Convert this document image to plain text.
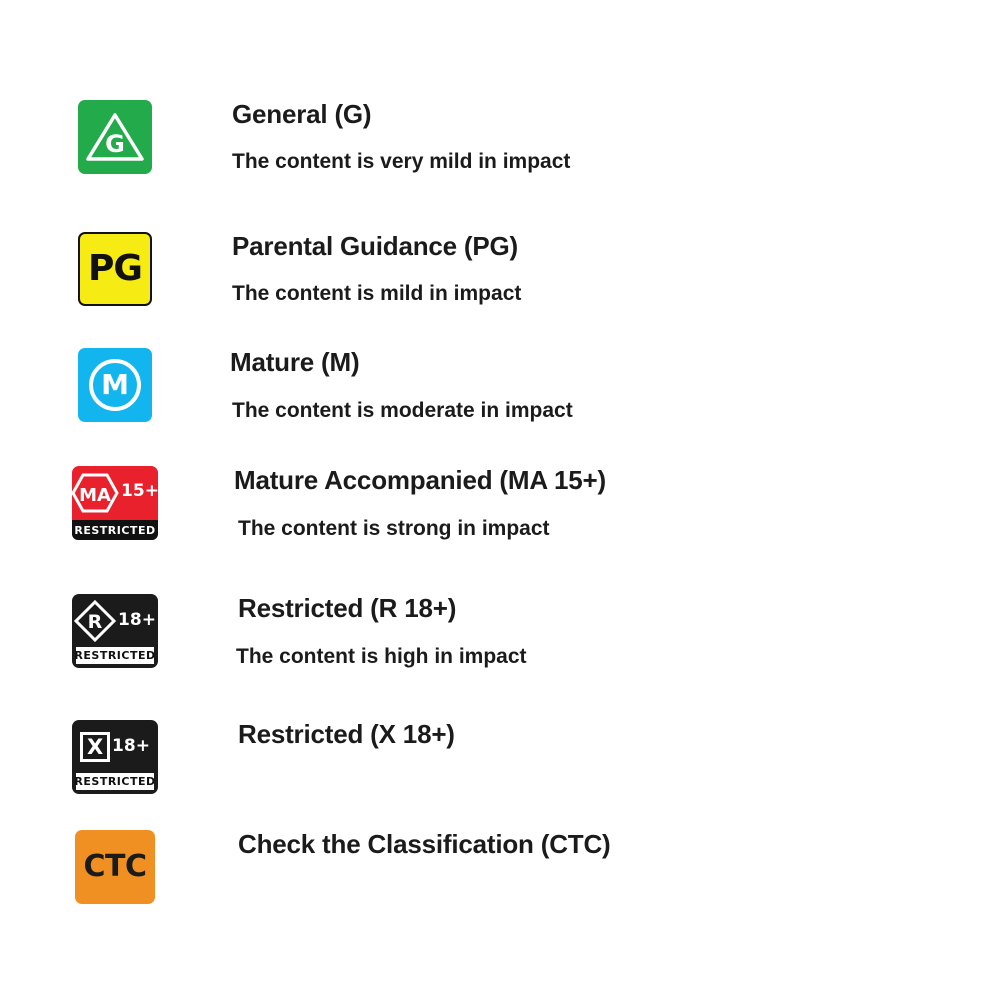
G

General (G)

The content is very mild in impact

PG

Parental Guidance (PG)

The content is mild in impact

M

Mature (M)

The content is moderate in impact

MA 15+
RESTRICTED

Mature Accompanied (MA 15+)

The content is strong in impact

R 18+
RESTRICTED

Restricted (R 18+)

The content is high in impact

X 18+
RESTRICTED

Restricted (X 18+)

CTC

Check the Classification (CTC)
